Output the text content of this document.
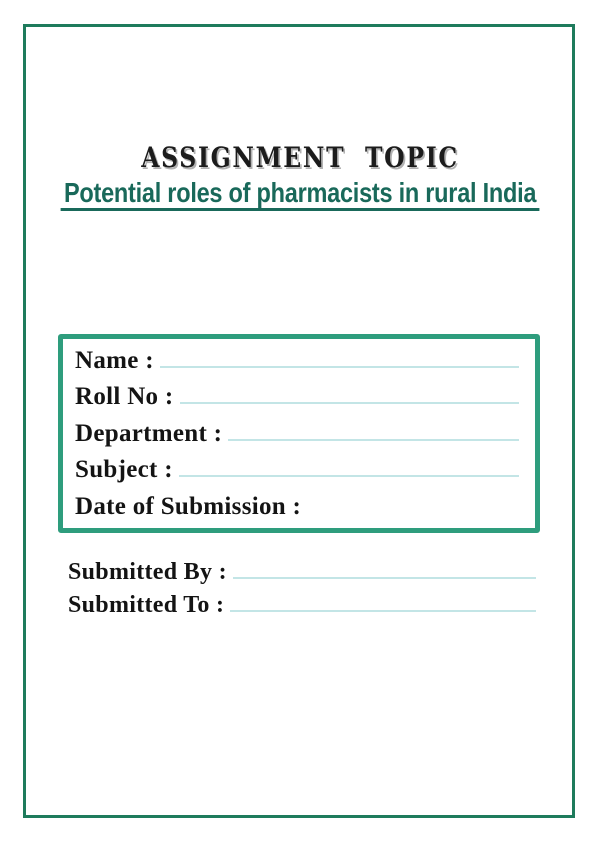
ASSIGNMENT  TOPIC
Potential roles of pharmacists in rural India
Name :
Roll No :
Department :
Subject :
Date of Submission :
Submitted By :
Submitted To :
